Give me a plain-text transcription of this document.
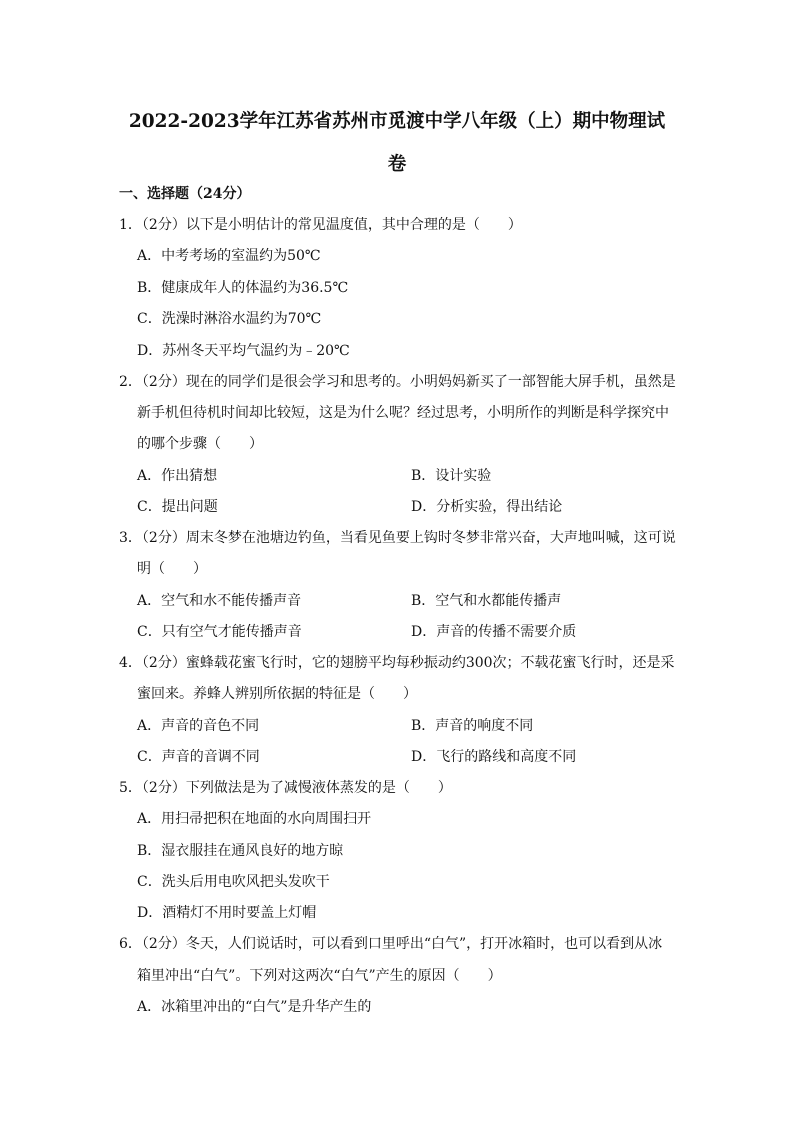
2022-2023学年江苏省苏州市觅渡中学八年级（上）期中物理试
卷
一、选择题（24分）
1．（2分）以下是小明估计的常见温度值，其中合理的是（　　）
A．中考考场的室温约为50℃
B．健康成年人的体温约为36.5℃
C．洗澡时淋浴水温约为70℃
D．苏州冬天平均气温约为﹣20℃
2．（2分）现在的同学们是很会学习和思考的。小明妈妈新买了一部智能大屏手机，虽然是
新手机但待机时间却比较短，这是为什么呢？经过思考，小明所作的判断是科学探究中
的哪个步骤（　　）
A．作出猜想	B．设计实验
C．提出问题	D．分析实验，得出结论
3．（2分）周末冬梦在池塘边钓鱼，当看见鱼要上钩时冬梦非常兴奋，大声地叫喊，这可说
明（　　）
A．空气和水不能传播声音	B．空气和水都能传播声
C．只有空气才能传播声音	D．声音的传播不需要介质
4．（2分）蜜蜂载花蜜飞行时，它的翅膀平均每秒振动约300次；不载花蜜飞行时，还是采
蜜回来。养蜂人辨别所依据的特征是（　　）
A．声音的音色不同	B．声音的响度不同
C．声音的音调不同	D．飞行的路线和高度不同
5．（2分）下列做法是为了减慢液体蒸发的是（　　）
A．用扫帚把积在地面的水向周围扫开
B．湿衣服挂在通风良好的地方晾
C．洗头后用电吹风把头发吹干
D．酒精灯不用时要盖上灯帽
6．（2分）冬天，人们说话时，可以看到口里呼出“白气”，打开冰箱时，也可以看到从冰
箱里冲出“白气”。下列对这两次“白气”产生的原因（　　）
A．冰箱里冲出的“白气”是升华产生的
